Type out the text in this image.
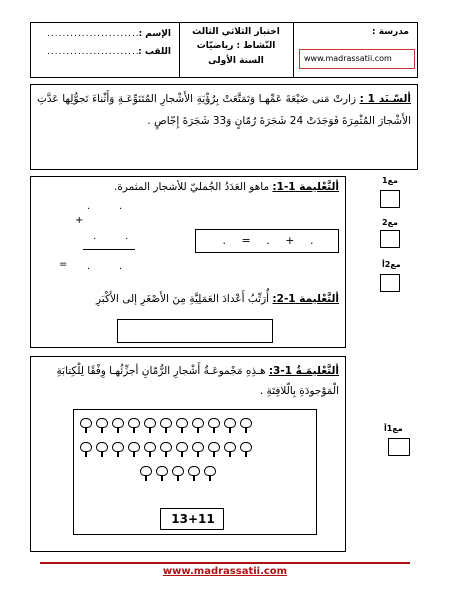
مدرسة :
www.madrassatii.com
اختبار الثلاثي الثالث
النّشاط : رياضيّات
السنة الأولى
الإسم :
........................
اللقب :
........................
ألسّـنَد 1 : زارتْ مَنى ضَيْعَةَ عَمِّهـا وَتَمَتَّعَتْ بِرُؤْيَةِ الأَشْجارِ المُتَنَوِّعَـةِ وَأَثْناءَ تَجوُّلِها عَدَّتِ الأَشْجارَ المُثْمِرَةَ فَوَجَدَتْ 24 شَجَرَةَ رُمّانٍ وَ33 شَجَرَةَ إِجّاصٍ .
ألتَّعْليمة 1-1: ماهو العَدَدُ الجُمليّ للأشجار المثمرة.
.	.
+
.	.
= .	.
. = . + .
ألتَّعْليمة 1-2: أُرَتِّبُ أَعْدادَ العَمَلِيَّةِ مِنَ الأَصْغَرِ إلى الأَكْبَرِ
مع1
مع2
مع2أ
ألتَّعْليمَـةُ 1-3: هـذِهِ مَجْموعَـةُ أَشْجارِ الرُّمّانِ أجزِّئُهـا وِفْقًا لِلْكِتابَةِ الْمَوْجودَةِ بِالّلافِتَةِ .
13+11
مع1أ
www.madrassatii.com
